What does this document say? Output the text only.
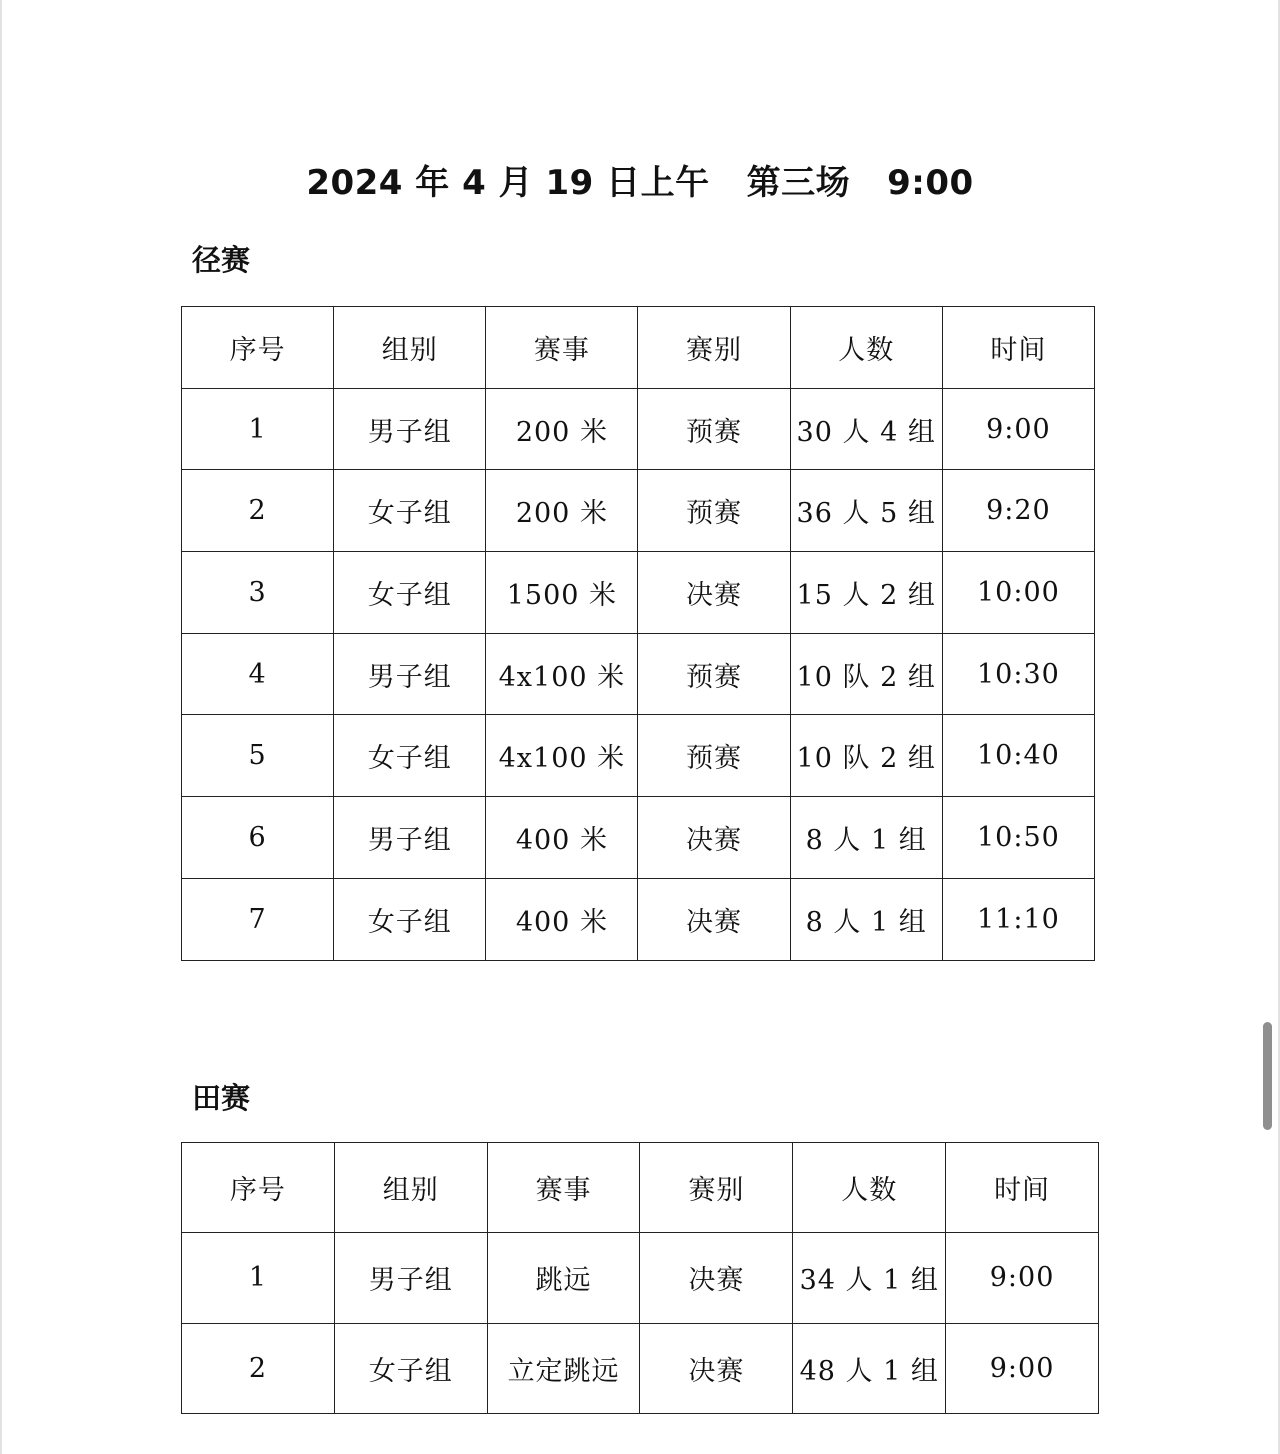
2024 年 4 月 19 日上午   第三场   9:00
径赛
序号	组别	赛事	赛别	人数	时间
1	男子组	200 米	预赛	30 人 4 组	9:00
2	女子组	200 米	预赛	36 人 5 组	9:20
3	女子组	1500 米	决赛	15 人 2 组	10:00
4	男子组	4x100 米	预赛	10 队 2 组	10:30
5	女子组	4x100 米	预赛	10 队 2 组	10:40
6	男子组	400 米	决赛	8 人 1 组	10:50
7	女子组	400 米	决赛	8 人 1 组	11:10
田赛
序号	组别	赛事	赛别	人数	时间
1	男子组	跳远	决赛	34 人 1 组	9:00
2	女子组	立定跳远	决赛	48 人 1 组	9:00
